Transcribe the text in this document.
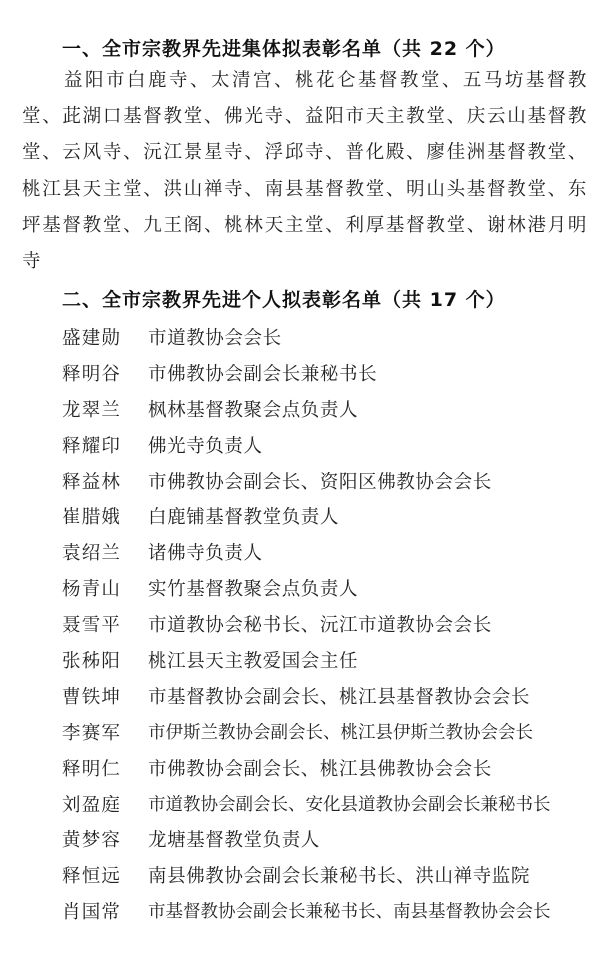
一、全市宗教界先进集体拟表彰名单（共 22 个）
益阳市白鹿寺、太清宫、桃花仑基督教堂、五马坊基督教堂、茈湖口基督教堂、佛光寺、益阳市天主教堂、庆云山基督教堂、云风寺、沅江景星寺、浮邱寺、普化殿、廖佳洲基督教堂、桃江县天主堂、洪山禅寺、南县基督教堂、明山头基督教堂、东坪基督教堂、九王阁、桃林天主堂、利厚基督教堂、谢林港月明寺
二、全市宗教界先进个人拟表彰名单（共 17 个）
盛建勋 市道教协会会长
释明谷 市佛教协会副会长兼秘书长
龙翠兰 枫林基督教聚会点负责人
释耀印 佛光寺负责人
释益林 市佛教协会副会长、资阳区佛教协会会长
崔腊娥 白鹿铺基督教堂负责人
袁绍兰 诸佛寺负责人
杨青山 实竹基督教聚会点负责人
聂雪平 市道教协会秘书长、沅江市道教协会会长
张秭阳 桃江县天主教爱国会主任
曹铁坤 市基督教协会副会长、桃江县基督教协会会长
李赛军 市伊斯兰教协会副会长、桃江县伊斯兰教协会会长
释明仁 市佛教协会副会长、桃江县佛教协会会长
刘盈庭 市道教协会副会长、安化县道教协会副会长兼秘书长
黄梦容 龙塘基督教堂负责人
释恒远 南县佛教协会副会长兼秘书长、洪山禅寺监院
肖国常 市基督教协会副会长兼秘书长、南县基督教协会会长
